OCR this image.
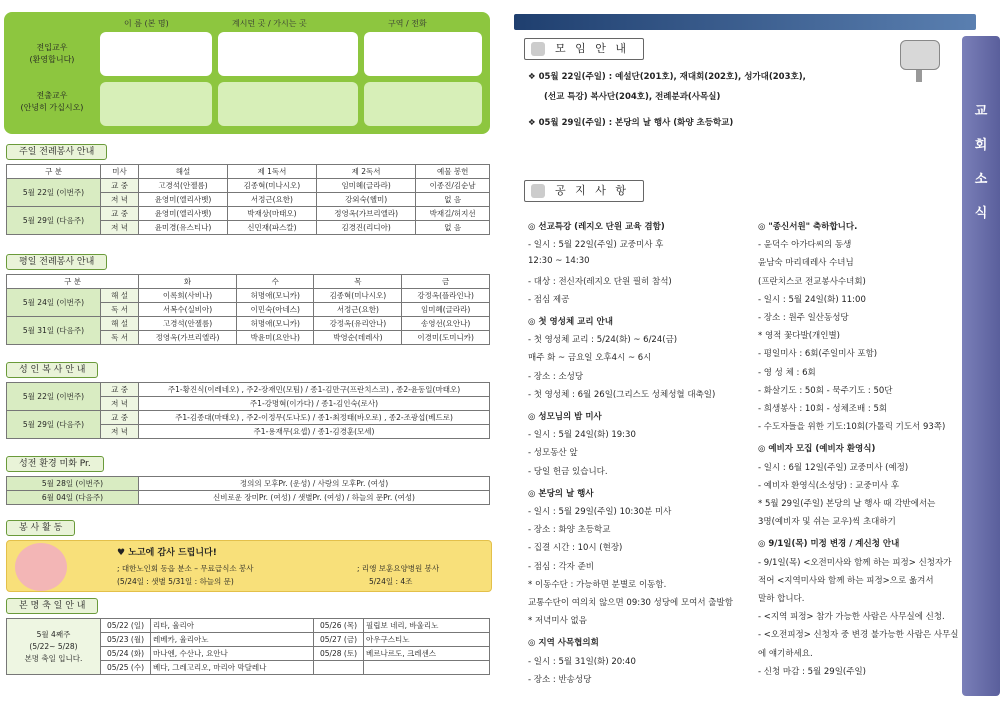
이 름 (본 명)	계시던 곳 / 가시는 곳	구역 / 전화
전입교우
(환영합니다)
전출교우
(안녕히 가십시오)
주일 전례봉사 안내
구 분	미사	해설	제 1독서	제 2독서	예물 봉헌
5월 22일 (이번주)	교 중	고경석(안젤름)	김종혁(미나시오)	임미혜(글라라)	이종진/김순남
	저 녁	윤영미(엘리사벳)	서정근(요한)	강외숙(헬미)	없 음
5월 29일 (다음주)	교 중	윤영미(엘리사벳)	박재상(마태오)	정영옥(가브리엘라)	박재길/허지선
	저 녁	윤미경(유스티나)	신민재(파스칼)	김경진(리디아)	없 음
평일 전례봉사 안내
구 분		화	수	목	금
5월 24일 (이번주)	해 설	이록희(사비나)	허명애(모니카)	김종혁(미나시오)	강정옥(플라인나)
	독 서	서복수(실비아)	이민숙(아네스)	서정근(요한)	임미혜(글라라)
5월 31일 (다음주)	해 설	고경석(안젤름)	허명애(모니카)	강정옥(유리안나)	송영선(요안나)
	독 서	정영옥(가브리엘라)	박윤미(요안나)	박영순(데레사)	이경미(도미니카)
성 인 복 사 안 내
5월 22일 (이번주)	교 중	주1-황진식(이레네오) , 주2-장재민(모팀) / 종1-김만구(프란치스코) , 종2-윤동일(마태오)
	저 녁	주1-강명혁(이가다) / 종1-김인숙(로사)
5월 29일 (다음주)	교 중	주1-김종대(마태오) , 주2-이정무(도나도) / 종1-최정태(바오로) , 종2-조광섭(베드로)
	저 녁	주1-용재무(요셉) / 종1-김경훈(모세)
성전 환경 미화 Pr.
5월 28일 (이번주)	정의의 모후Pr. (운성) / 사랑의 모후Pr. (여성)
6월 04일 (다음주)	신비로운 장미Pr. (여성) / 샛별Pr. (여성) / 하늘의 문Pr. (여성)
봉 사 활 동
♥ 노고에 감사 드립니다!
; 대한노인회 동읍 분소 – 무료급식소 봉사
(5/24일 : 샛별 5/31일 : 하늘의 문)
; 리앵 보훈요양병원 봉사
5/24일 : 4조
본 명 축 일 안 내
5월 4째주
(5/22~ 5/28)
본명 축일 입니다.	05/22 (일)	리타, 율리아	05/26 (목)	필립보 네리, 바울리노
	05/23 (월)	레베카, 율리아노	05/27 (금)	아우구스티노
	05/24 (화)	마나엔, 수산나, 요안나	05/28 (토)	베르나르도, 크레센스
	05/25 (수)	베다, 그레고리오, 마리아 막달레나		
교
회
소
식
모 임 안 내
❖ 05월 22일(주일) : 예설단(201호), 재대회(202호), 성가대(203호),
(선교 특강) 복사단(204호), 전례분과(사목실)
❖ 05월 29일(주일) : 본당의 날 행사 (화양 초등학교)
공 지 사 항
◎ 선교특강 (레지오 단원 교육 겸함)
- 일시 : 5월 22일(주일) 교중미사 후
12:30 ~ 14:30
- 대상 : 전신자(레지오 단원 필히 참석)
- 점심 제공
◎ 첫 영성체 교리 안내
- 첫 영성체 교리 : 5/24(화) ~ 6/24(금)
매주 화 ~ 금요일 오후4시 ~ 6시
- 장소 : 소성당
- 첫 영성체 : 6월 26일(그리스도 성체성혈 대축일)
◎ 성모님의 밤 미사
- 일시 : 5월 24일(화) 19:30
- 성모동산 앞
- 당일 헌금 있습니다.
◎ 본당의 날 행사
- 일시 : 5월 29일(주일) 10:30분 미사
- 장소 : 화양 초등학교
- 집결 시간 : 10시 (현장)
- 점심 : 각자 준비
* 이동수단 : 가능하면 분별로 이동함.
교통수단이 여의치 않으면 09:30 성당에 모여서 출발함
* 저녁미사 없음
◎ 지역 사목협의회
- 일시 : 5월 31일(화) 20:40
- 장소 : 반송성당
◎ "종신서원" 축하합니다.
- 윤덕수 아가다씨의 동생
윤남숙 마리데레사 수녀님
(프란치스코 전교봉사수녀회)
- 일시 : 5월 24일(화) 11:00
- 장소 : 원주 일산동성당
* 영적 꽃다발(개인별)
- 평일미사 : 6회(주일미사 포함)
- 영 성 체 : 6회
- 화살기도 : 50회 - 묵주기도 : 50단
- 희생봉사 : 10회 - 성체조배 : 5회
- 수도자들을 위한 기도:10회(가톨릭 기도서 93쪽)
◎ 예비자 모집 (예비자 환영식)
- 일시 : 6월 12일(주일) 교중미사 (예정)
- 예비자 환영식(소성당) : 교중미사 후
* 5월 29일(주일) 본당의 날 행사 때 각반에서는
3명(예비자 및 쉬는 교우)씩 초대하기
◎ 9/1일(목) 미정 변경 / 계신청 안내
- 9/1일(목) <오전미사와 함께 하는 피정> 신청자가
적어 <지역미사와 함께 하는 피정>으로 옮겨서
말하 합니다.
- <지역 피정> 참가 가능한 사람은 사무실에 신청.
- <오전피정> 신청자 중 변경 불가능한 사람은 사무실
에 얘기하세요.
- 신청 마감 : 5월 29일(주일)
